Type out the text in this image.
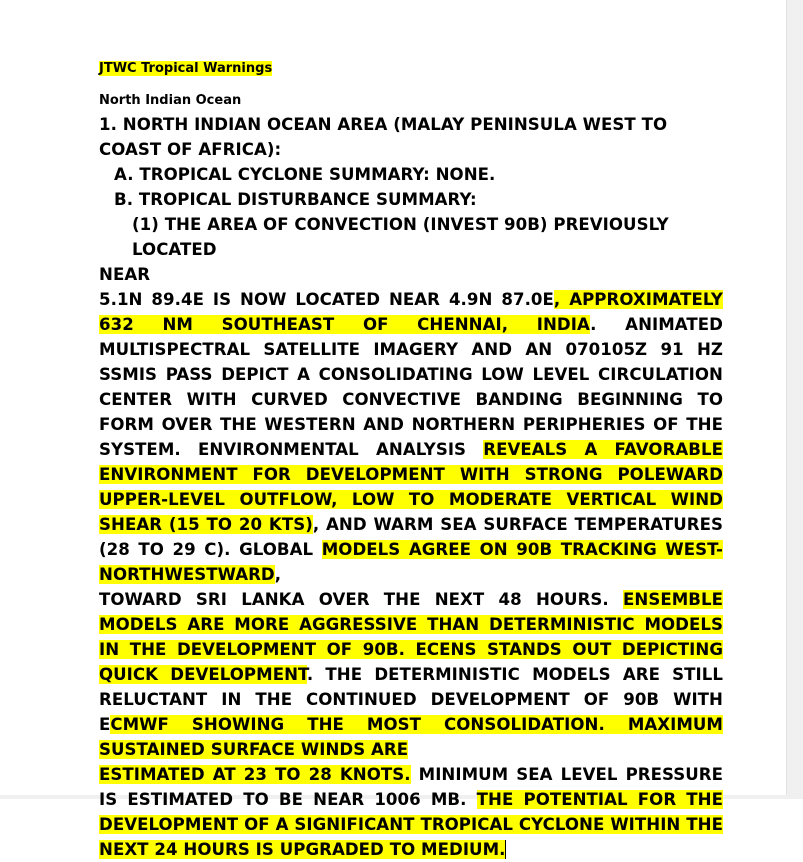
JTWC Tropical Warnings
North Indian Ocean

1. NORTH INDIAN OCEAN AREA (MALAY PENINSULA WEST TO COAST OF AFRICA):

A. TROPICAL CYCLONE SUMMARY: NONE.

B. TROPICAL DISTURBANCE SUMMARY:

(1) THE AREA OF CONVECTION (INVEST 90B) PREVIOUSLY LOCATED

NEAR

5.1N 89.4E IS NOW LOCATED NEAR 4.9N 87.0E, APPROXIMATELY 632 NM SOUTHEAST OF CHENNAI, INDIA. ANIMATED MULTISPECTRAL SATELLITE IMAGERY AND AN 070105Z 91 HZ SSMIS PASS DEPICT A CONSOLIDATING LOW LEVEL CIRCULATION CENTER WITH CURVED CONVECTIVE BANDING BEGINNING TO FORM OVER THE WESTERN AND NORTHERN PERIPHERIES OF THE SYSTEM. ENVIRONMENTAL ANALYSIS REVEALS A FAVORABLE ENVIRONMENT FOR DEVELOPMENT WITH STRONG POLEWARD UPPER-LEVEL OUTFLOW, LOW TO MODERATE VERTICAL WIND SHEAR (15 TO 20 KTS), AND WARM SEA SURFACE TEMPERATURES (28 TO 29 C). GLOBAL MODELS AGREE ON 90B TRACKING WEST-NORTHWESTWARD,

TOWARD SRI LANKA OVER THE NEXT 48 HOURS. ENSEMBLE MODELS ARE MORE AGGRESSIVE THAN DETERMINISTIC MODELS IN THE DEVELOPMENT OF 90B. ECENS STANDS OUT DEPICTING QUICK DEVELOPMENT. THE DETERMINISTIC MODELS ARE STILL RELUCTANT IN THE CONTINUED DEVELOPMENT OF 90B WITH ECMWF SHOWING THE MOST CONSOLIDATION. MAXIMUM SUSTAINED SURFACE WINDS ARE

ESTIMATED AT 23 TO 28 KNOTS. MINIMUM SEA LEVEL PRESSURE IS ESTIMATED TO BE NEAR 1006 MB. THE POTENTIAL FOR THE DEVELOPMENT OF A SIGNIFICANT TROPICAL CYCLONE WITHIN THE NEXT 24 HOURS IS UPGRADED TO MEDIUM.
